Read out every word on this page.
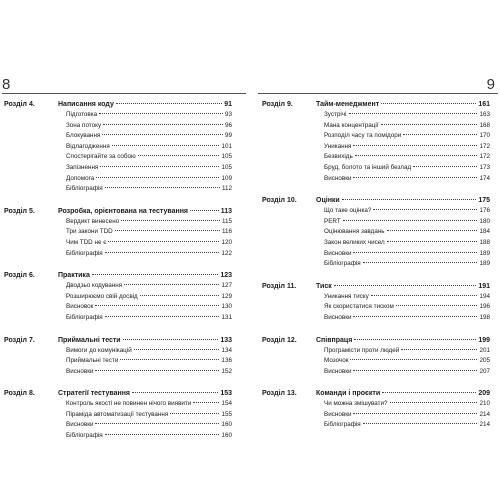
8	9
Розділ 4.	Написання коду	91
Підготовка	93
Зона потоку	96
Блокування	99
Відлагодження	101
Спостерігайте за собою	105
Запізнення	105
Допомога	109
Бібліографія	112
Розділ 5.	Розробка, орієнтована на тестування	113
Вердикт винесено	115
Три закони TDD	116
Чим TDD не є	120
Бібліографія	122
Розділ 6.	Практика	123
Дводзьо кодування	127
Розширюємо свій досвід	129
Висновок	130
Бібліографія	131
Розділ 7.	Приймальні тести	133
Вимоги до комунікацій	134
Приймальні тести	136
Висновки	152
Розділ 8.	Стратегії тестування	153
Контроль якості не повинен нічого виявити	154
Піраміда автоматизації тестування	155
Висновки	160
Бібліографія	160
Розділ 9.	Тайм-менеджмент	161
Зустрічі	163
Мана концентрації	168
Розподіл часу та помідори	170
Уникання	172
Безвихідь	172
Бруд, болото та інший безлад	173
Висновки	174
Розділ 10.	Оцінки	175
Що таке оцінка?	176
PERT	180
Оцінювання завдань	184
Закон великих чисел	188
Висновки	189
Бібліографія	189
Розділ 11.	Тиск	191
Уникання тиску	194
Як скористатися тиском	196
Висновки	198
Розділ 12.	Співпраця	199
Програмісти проти людей	201
Мозочок	205
Висновки	207
Розділ 13.	Команди і проєкти	209
Чи можна змішувати?	210
Висновки	214
Бібліографія	214
